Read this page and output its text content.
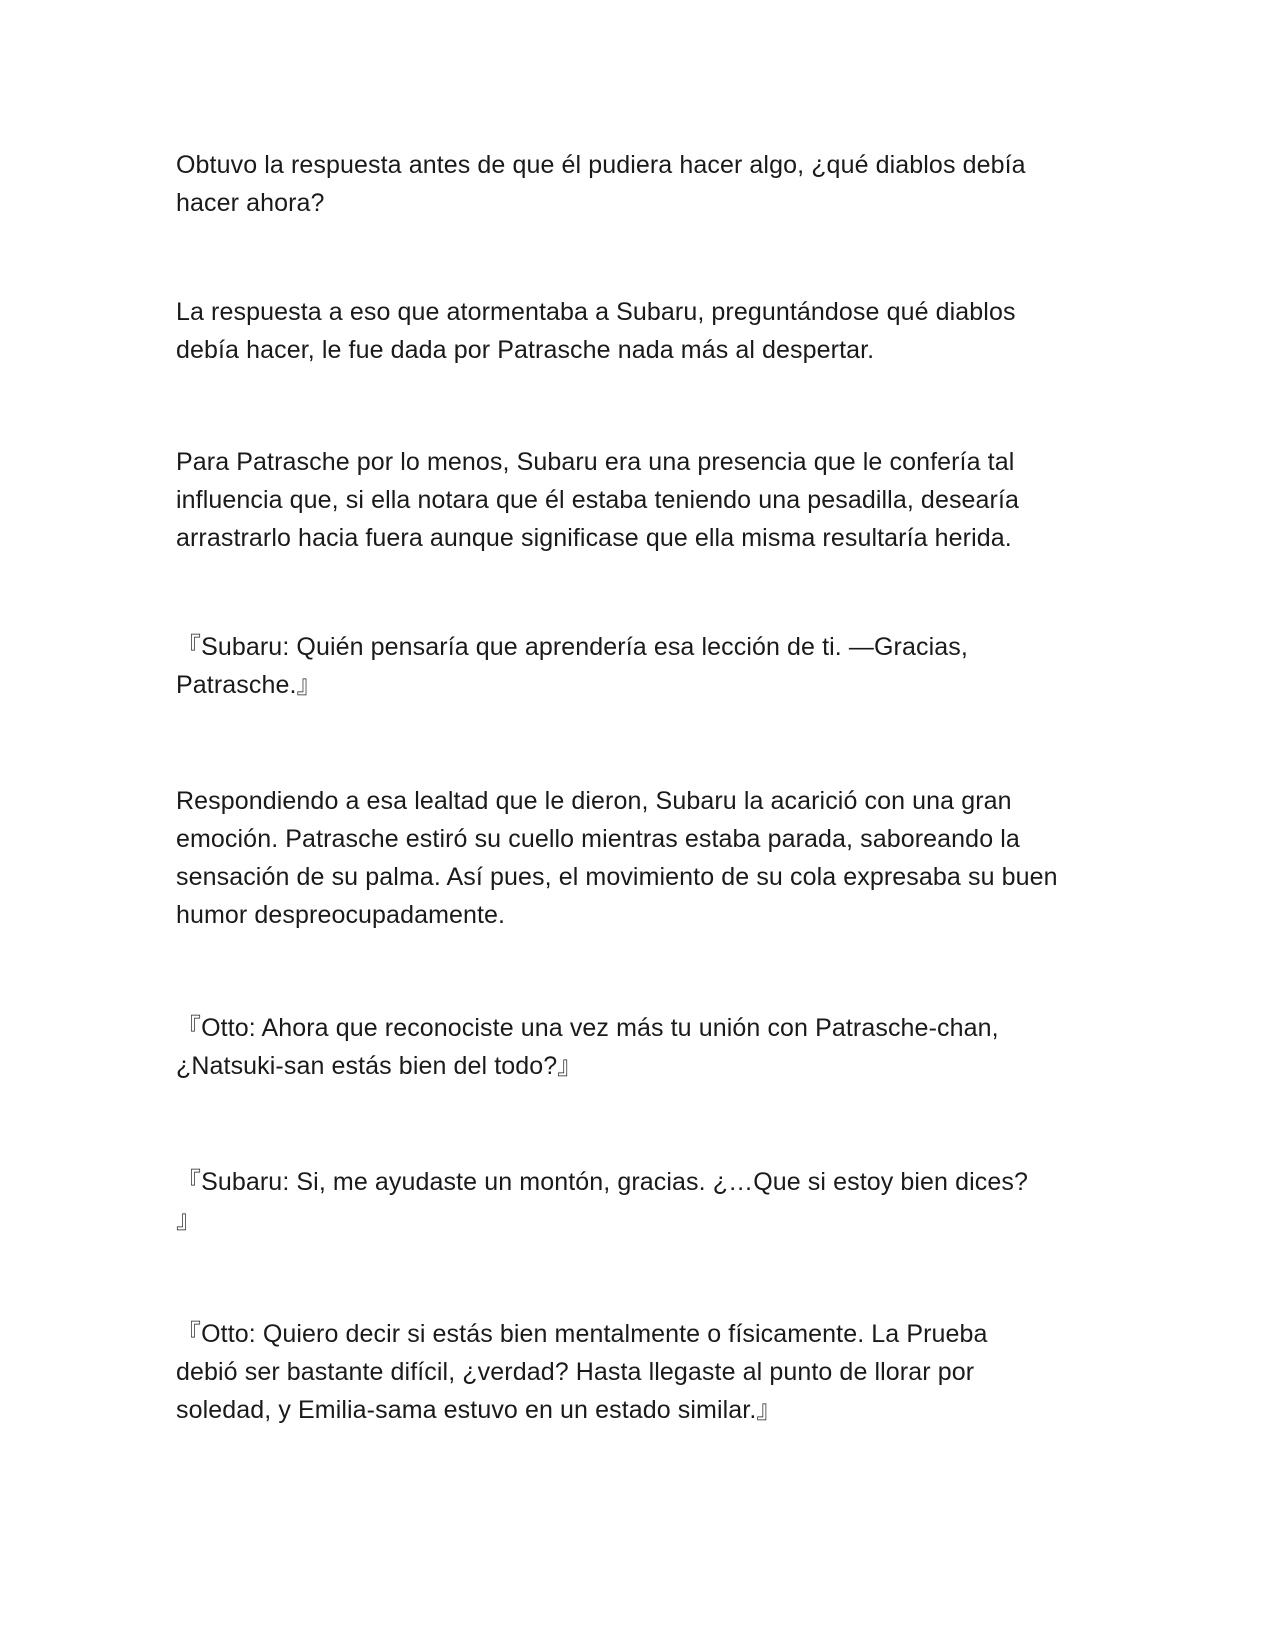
Obtuvo la respuesta antes de que él pudiera hacer algo, ¿qué diablos debía
hacer ahora?
La respuesta a eso que atormentaba a Subaru, preguntándose qué diablos
debía hacer, le fue dada por Patrasche nada más al despertar.
Para Patrasche por lo menos, Subaru era una presencia que le confería tal
influencia que, si ella notara que él estaba teniendo una pesadilla, desearía
arrastrarlo hacia fuera aunque significase que ella misma resultaría herida.
『Subaru: Quién pensaría que aprendería esa lección de ti. —Gracias,
Patrasche.』
Respondiendo a esa lealtad que le dieron, Subaru la acarició con una gran
emoción. Patrasche estiró su cuello mientras estaba parada, saboreando la
sensación de su palma. Así pues, el movimiento de su cola expresaba su buen
humor despreocupadamente.
『Otto: Ahora que reconociste una vez más tu unión con Patrasche-chan,
¿Natsuki-san estás bien del todo?』
『Subaru: Si, me ayudaste un montón, gracias. ¿…Que si estoy bien dices?
』
『Otto: Quiero decir si estás bien mentalmente o físicamente. La Prueba
debió ser bastante difícil, ¿verdad? Hasta llegaste al punto de llorar por
soledad, y Emilia-sama estuvo en un estado similar.』
